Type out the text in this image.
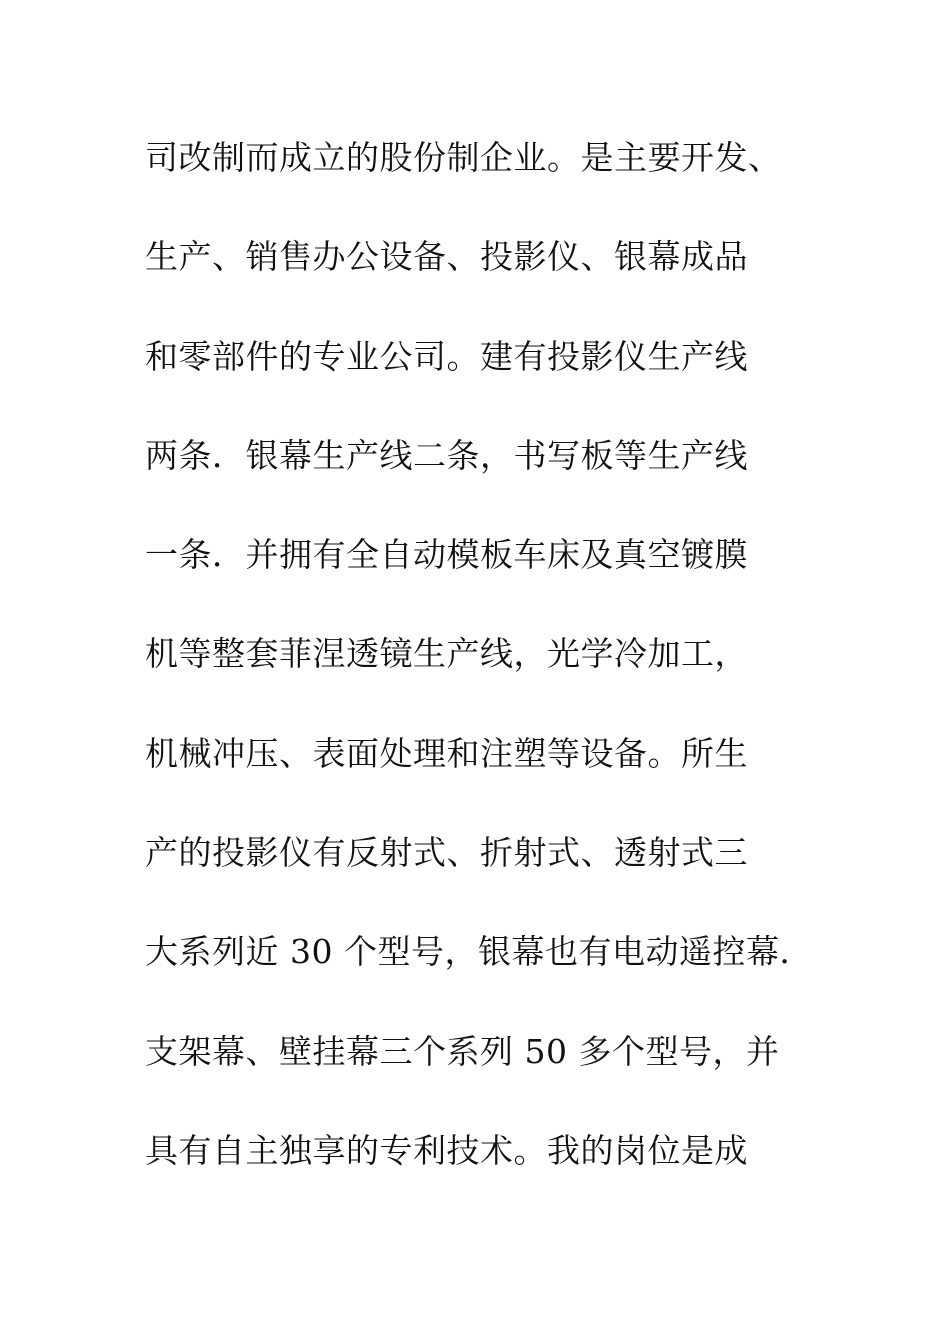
司改制而成立的股份制企业。是主要开发、
生产、销售办公设备、投影仪、银幕成品
和零部件的专业公司。建有投影仪生产线
两条．银幕生产线二条，书写板等生产线
一条．并拥有全自动模板车床及真空镀膜
机等整套菲涅透镜生产线，光学冷加工，
机械冲压、表面处理和注塑等设备。所生
产的投影仪有反射式、折射式、透射式三
大系列近 30 个型号，银幕也有电动遥控幕．
支架幕、壁挂幕三个系列 50 多个型号，并
具有自主独享的专利技术。我的岗位是成
